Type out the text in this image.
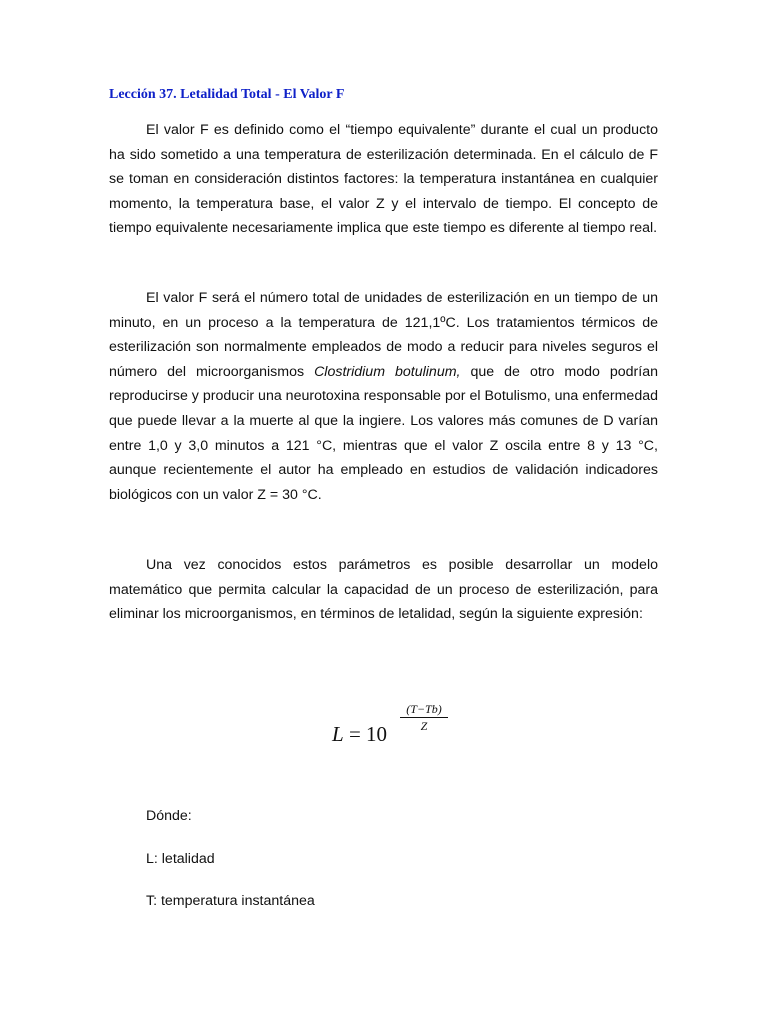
Lección 37. Letalidad Total - El Valor F

El valor F es definido como el “tiempo equivalente” durante el cual un producto ha sido sometido a una temperatura de esterilización determinada. En el cálculo de F se toman en consideración distintos factores: la temperatura instantánea en cualquier momento, la temperatura base, el valor Z y el intervalo de tiempo. El concepto de tiempo equivalente necesariamente implica que este tiempo es diferente al tiempo real.

El valor F será el número total de unidades de esterilización en un tiempo de un minuto, en un proceso a la temperatura de 121,1ºC. Los tratamientos térmicos de esterilización son normalmente empleados de modo a reducir para niveles seguros el número del microorganismos Clostridium botulinum, que de otro modo podrían reproducirse y producir una neurotoxina responsable por el Botulismo, una enfermedad que puede llevar a la muerte al que la ingiere. Los valores más comunes de D varían entre 1,0 y 3,0 minutos a 121 °C, mientras que el valor Z oscila entre 8 y 13 °C, aunque recientemente el autor ha empleado en estudios de validación indicadores biológicos con un valor Z = 30 °C.

Una vez conocidos estos parámetros es posible desarrollar un modelo matemático que permita calcular la capacidad de un proceso de esterilización, para eliminar los microorganismos, en términos de letalidad, según la siguiente expresión:

L = 10
(T−Tb)
Z

Dónde:

L: letalidad

T: temperatura instantánea
